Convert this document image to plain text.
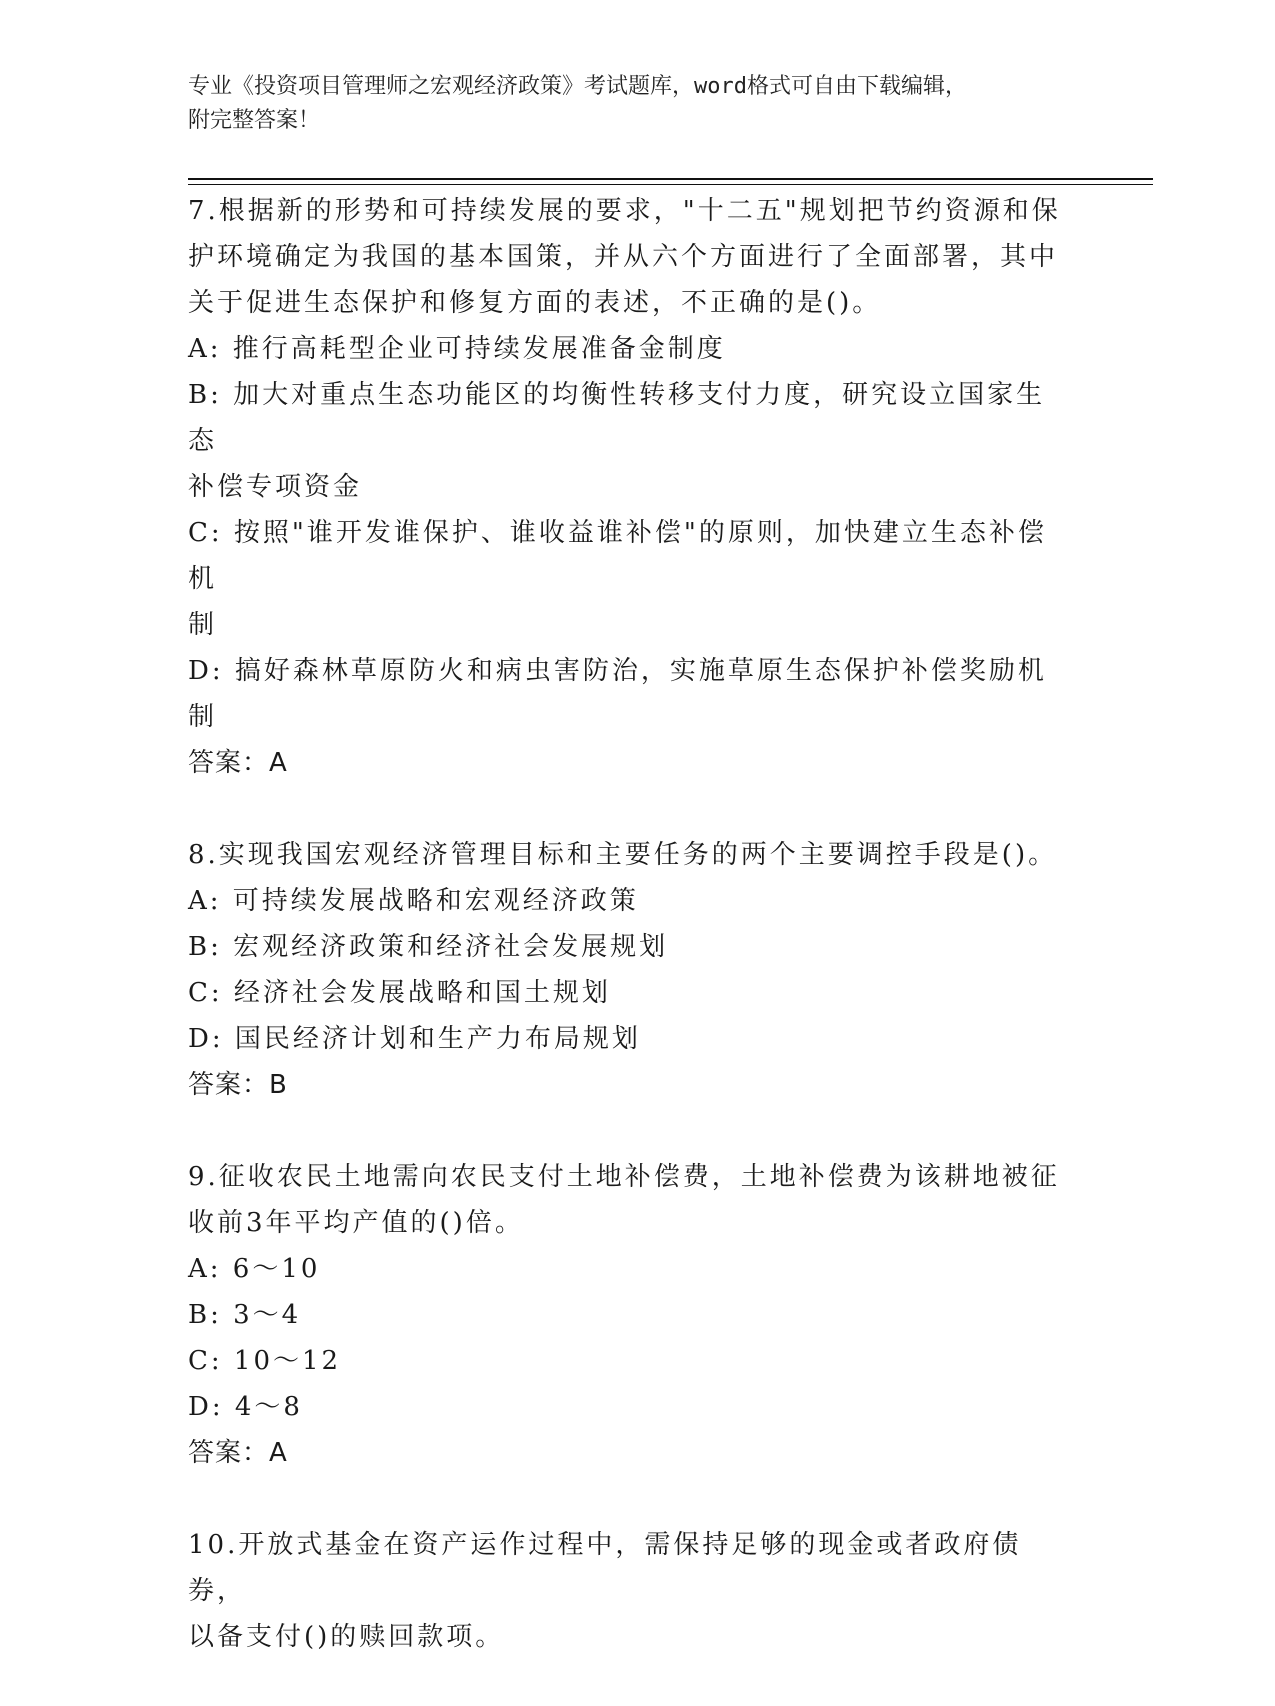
专业《投资项目管理师之宏观经济政策》考试题库，word格式可自由下载编辑，
附完整答案！
7.根据新的形势和可持续发展的要求，"十二五"规划把节约资源和保
护环境确定为我国的基本国策，并从六个方面进行了全面部署，其中
关于促进生态保护和修复方面的表述，不正确的是()。
A: 推行高耗型企业可持续发展准备金制度
B: 加大对重点生态功能区的均衡性转移支付力度，研究设立国家生态
补偿专项资金
C: 按照"谁开发谁保护、谁收益谁补偿"的原则，加快建立生态补偿机
制
D: 搞好森林草原防火和病虫害防治，实施草原生态保护补偿奖励机制
答案：A
8.实现我国宏观经济管理目标和主要任务的两个主要调控手段是()。
A: 可持续发展战略和宏观经济政策
B: 宏观经济政策和经济社会发展规划
C: 经济社会发展战略和国土规划
D: 国民经济计划和生产力布局规划
答案：B
9.征收农民土地需向农民支付土地补偿费，土地补偿费为该耕地被征
收前3年平均产值的()倍。
A: 6～10
B: 3～4
C: 10～12
D: 4～8
答案：A
10.开放式基金在资产运作过程中，需保持足够的现金或者政府债券，
以备支付()的赎回款项。
